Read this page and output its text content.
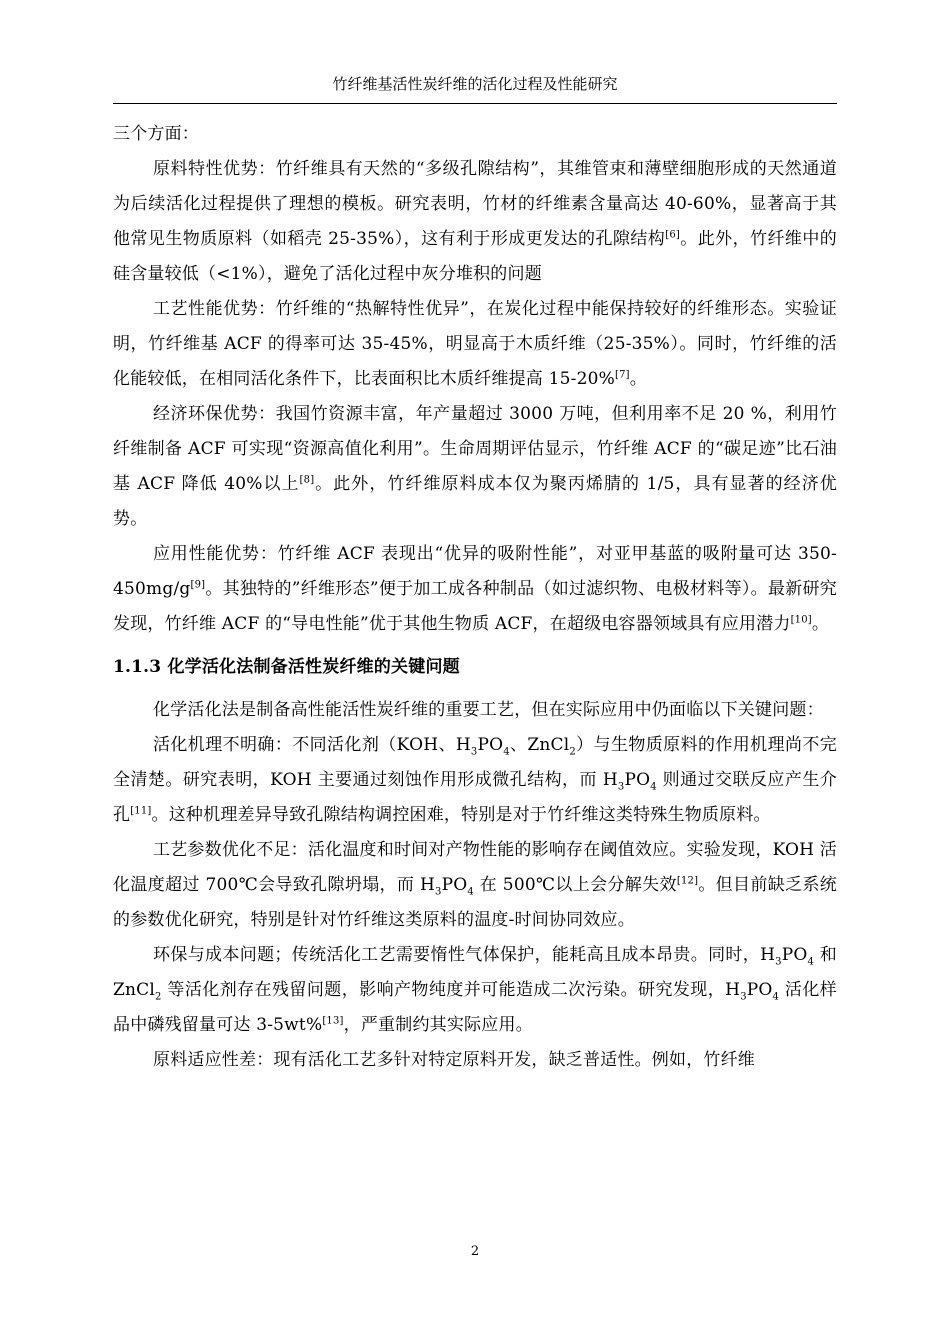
竹纤维基活性炭纤维的活化过程及性能研究

三个方面：

原料特性优势：竹纤维具有天然的“多级孔隙结构”，其维管束和薄壁细胞形成的天然通道为后续活化过程提供了理想的模板。研究表明，竹材的纤维素含量高达 40-60%，显著高于其他常见生物质原料（如稻壳 25-35%），这有利于形成更发达的孔隙结构[6]。此外，竹纤维中的硅含量较低（<1%），避免了活化过程中灰分堆积的问题

工艺性能优势：竹纤维的“热解特性优异”，在炭化过程中能保持较好的纤维形态。实验证明，竹纤维基 ACF 的得率可达 35-45%，明显高于木质纤维（25-35%）。同时，竹纤维的活化能较低，在相同活化条件下，比表面积比木质纤维提高 15-20%[7]。

经济环保优势：我国竹资源丰富，年产量超过 3000 万吨，但利用率不足 20 %，利用竹纤维制备 ACF 可实现“资源高值化利用”。生命周期评估显示，竹纤维 ACF 的“碳足迹”比石油基 ACF 降低 40%以上[8]。此外，竹纤维原料成本仅为聚丙烯腈的 1/5，具有显著的经济优势。

应用性能优势：竹纤维 ACF 表现出“优异的吸附性能”，对亚甲基蓝的吸附量可达 350-450mg/g[9]。其独特的”纤维形态”便于加工成各种制品（如过滤织物、电极材料等）。最新研究发现，竹纤维 ACF 的“导电性能”优于其他生物质 ACF，在超级电容器领域具有应用潜力[10]。

1.1.3 化学活化法制备活性炭纤维的关键问题

化学活化法是制备高性能活性炭纤维的重要工艺，但在实际应用中仍面临以下关键问题：

活化机理不明确：不同活化剂（KOH、$H_3PO_4$、ZnCl$_2$）与生物质原料的作用机理尚不完全清楚。研究表明，KOH 主要通过刻蚀作用形成微孔结构，而 $H_3PO_4$ 则通过交联反应产生介孔[11]。这种机理差异导致孔隙结构调控困难，特别是对于竹纤维这类特殊生物质原料。

工艺参数优化不足：活化温度和时间对产物性能的影响存在阈值效应。实验发现，KOH 活化温度超过 700℃会导致孔隙坍塌，而 $H_3PO_4$ 在 500℃以上会分解失效[12]。但目前缺乏系统的参数优化研究，特别是针对竹纤维这类原料的温度-时间协同效应。

环保与成本问题；传统活化工艺需要惰性气体保护，能耗高且成本昂贵。同时，$H_3PO_4$ 和 ZnCl$_2$ 等活化剂存在残留问题，影响产物纯度并可能造成二次污染。研究发现，$H_3PO_4$ 活化样品中磷残留量可达 3-5wt%[13]，严重制约其实际应用。

原料适应性差：现有活化工艺多针对特定原料开发，缺乏普适性。例如，竹纤维

2
